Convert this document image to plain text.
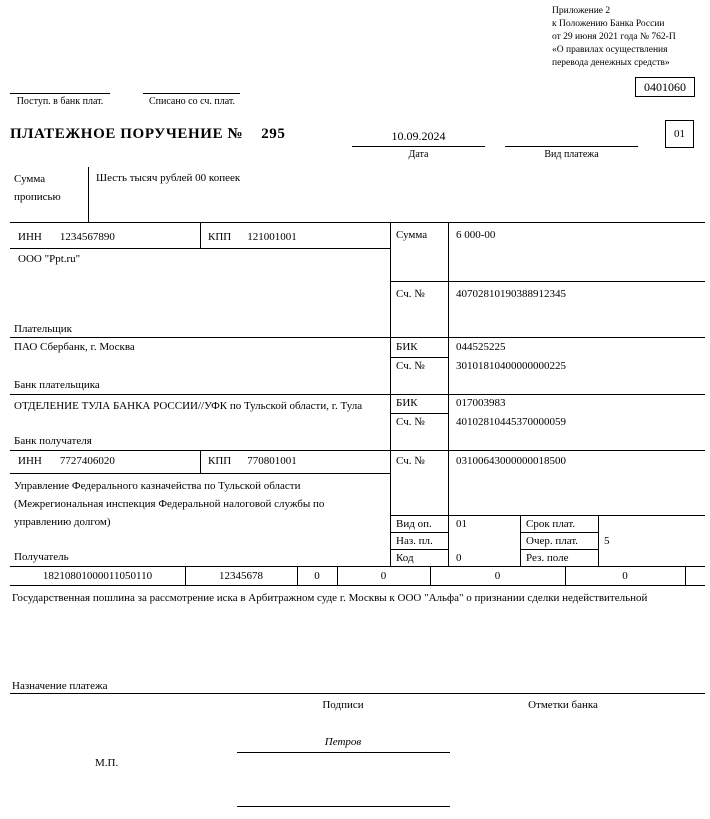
Приложение 2
к Положению Банка России
от 29 июня 2021 года № 762-П
«О правилах осуществления
перевода денежных средств»
0401060
Поступ. в банк плат.	Списано со сч. плат.
ПЛАТЕЖНОЕ ПОРУЧЕНИЕ № 295	10.09.2024
Дата	Вид платежа
01
Сумма прописью
Шесть тысяч рублей 00 копеек
ИНН 1234567890	КПП 121001001
ООО "Ppt.ru"
Плательщик
Сумма	6 000-00
Сч. №	40702810190388912345
ПАО Сбербанк, г. Москва
Банк плательщика
БИК	044525225
Сч. №	30101810400000000225
ОТДЕЛЕНИЕ ТУЛА БАНКА РОССИИ//УФК по Тульской области, г. Тула
Банк получателя
БИК	017003983
Сч. №	40102810445370000059
ИНН 7727406020	КПП 770801001	Сч. №	03100643000000018500
Управление Федерального казначейства по Тульской области (Межрегиональная инспекция Федеральной налоговой службы по управлению долгом)
Получатель
Вид оп. 01	Срок плат.
Наз. пл.	Очер. плат. 5
Код	0	Рез. поле
18210801000011050110	12345678	0	0	0	0
Государственная пошлина за рассмотрение иска в Арбитражном суде г. Москвы к ООО "Альфа" о признании сделки недействительной
Назначение платежа
Подписи	Отметки банка
Петров
М.П.
